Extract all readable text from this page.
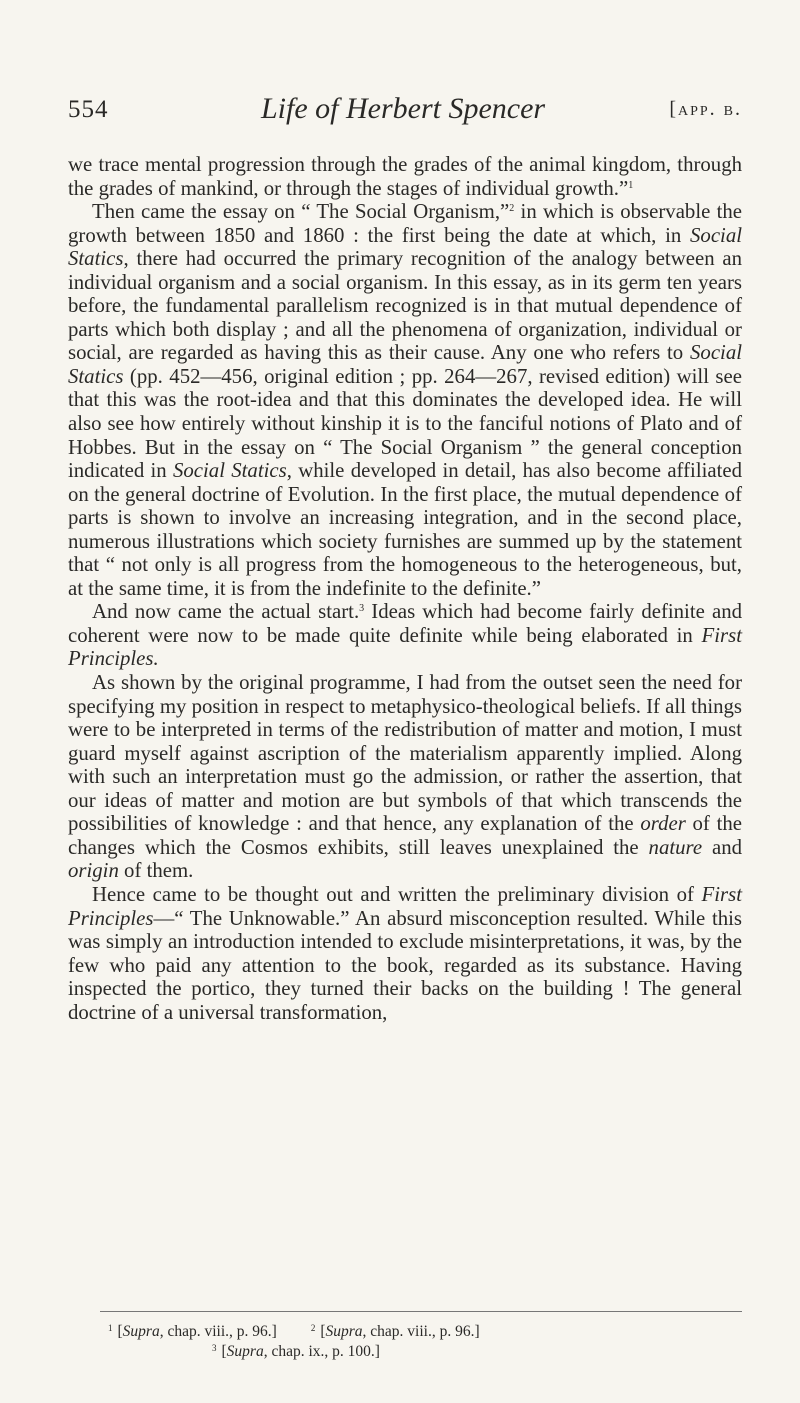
554	Life of Herbert Spencer	[app. b.

we trace mental progression through the grades of the animal kingdom, through the grades of mankind, or through the stages of individual growth.”$^1$

Then came the essay on “ The Social Organism,”$^2$ in which is observable the growth between 1850 and 1860 : the first being the date at which, in Social Statics, there had occurred the primary recognition of the analogy between an individual organism and a social organism. In this essay, as in its germ ten years before, the fundamental parallelism recognized is in that mutual dependence of parts which both display ; and all the phenomena of organization, individual or social, are regarded as having this as their cause. Any one who refers to Social Statics (pp. 452—456, original edition ; pp. 264—267, revised edition) will see that this was the root-idea and that this dominates the developed idea. He will also see how entirely without kinship it is to the fanciful notions of Plato and of Hobbes. But in the essay on “ The Social Organism ” the general conception indicated in Social Statics, while developed in detail, has also become affiliated on the general doctrine of Evolution. In the first place, the mutual dependence of parts is shown to involve an increasing integration, and in the second place, numerous illustrations which society furnishes are summed up by the statement that “ not only is all progress from the homogeneous to the heterogeneous, but, at the same time, it is from the indefinite to the definite.”

And now came the actual start.$^3$ Ideas which had become fairly definite and coherent were now to be made quite definite while being elaborated in First Principles.

As shown by the original programme, I had from the outset seen the need for specifying my position in respect to metaphysico-theological beliefs. If all things were to be interpreted in terms of the redistribution of matter and motion, I must guard myself against ascription of the materialism apparently implied. Along with such an interpretation must go the admission, or rather the assertion, that our ideas of matter and motion are but symbols of that which transcends the possibilities of knowledge : and that hence, any explanation of the order of the changes which the Cosmos exhibits, still leaves unexplained the nature and origin of them.

Hence came to be thought out and written the preliminary division of First Principles—“ The Unknowable.” An absurd misconception resulted. While this was simply an introduction intended to exclude misinterpretations, it was, by the few who paid any attention to the book, regarded as its substance. Having inspected the portico, they turned their backs on the building ! The general doctrine of a universal transformation,

$^1$ [Supra, chap. viii., p. 96.]	$^2$ [Supra, chap. viii., p. 96.]
$^3$ [Supra, chap. ix., p. 100.]
